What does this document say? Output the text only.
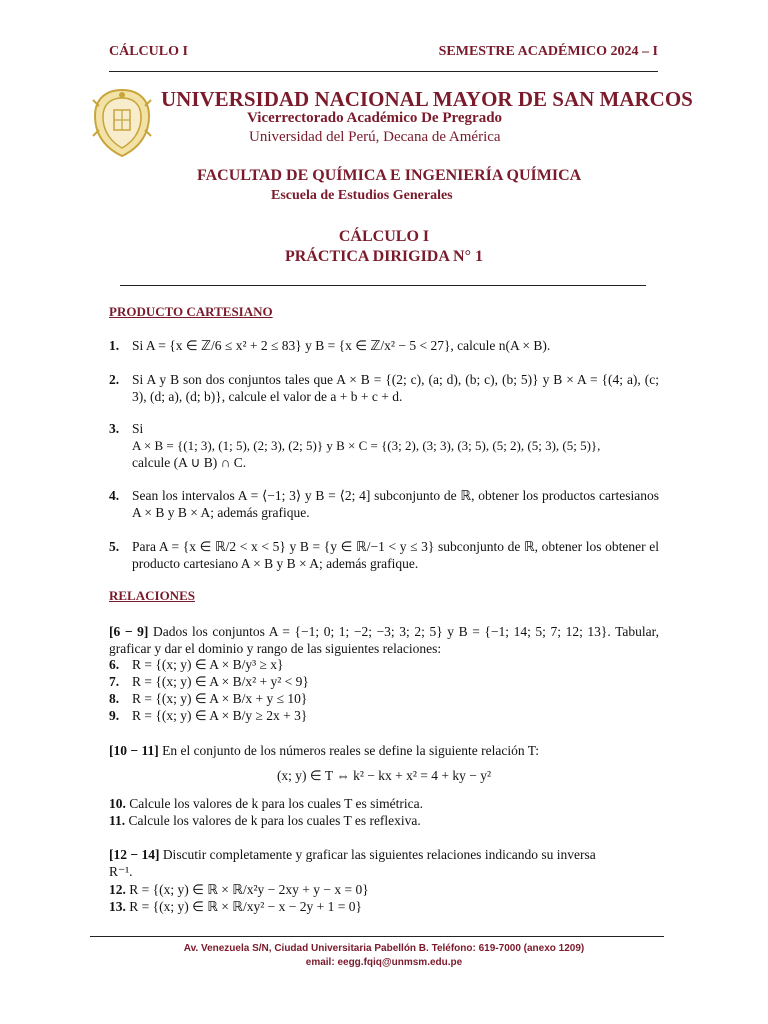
CÁLCULO I	SEMESTRE ACADÉMICO 2024 – I
UNIVERSIDAD NACIONAL MAYOR DE SAN MARCOS
Vicerrectorado Académico De Pregrado
Universidad del Perú, Decana de América
FACULTAD DE QUÍMICA E INGENIERÍA QUÍMICA
Escuela de Estudios Generales
CÁLCULO I
PRÁCTICA DIRIGIDA N° 1
PRODUCTO CARTESIANO
1. Si A = {x ∈ ℤ/6 ≤ x² + 2 ≤ 83} y B = {x ∈ ℤ/x² − 5 < 27}, calcule n(A × B).
2. Si A y B son dos conjuntos tales que A × B = {(2; c), (a; d), (b; c), (b; 5)} y B × A = {(4; a), (c; 3), (d; a), (d; b)}, calcule el valor de a + b + c + d.
3. Si
A × B = {(1; 3), (1; 5), (2; 3), (2; 5)} y B × C = {(3; 2), (3; 3), (3; 5), (5; 2), (5; 3), (5; 5)},
calcule (A ∪ B) ∩ C.
4. Sean los intervalos A = ⟨−1; 3⟩ y B = ⟨2; 4] subconjunto de ℝ, obtener los productos cartesianos A × B y B × A; además grafique.
5. Para A = {x ∈ ℝ/2 < x < 5} y B = {y ∈ ℝ/−1 < y ≤ 3} subconjunto de ℝ, obtener los obtener el producto cartesiano A × B y B × A; además grafique.
RELACIONES
[6 − 9] Dados los conjuntos A = {−1; 0; 1; −2; −3; 3; 2; 5} y B = {−1; 14; 5; 7; 12; 13}. Tabular, graficar y dar el dominio y rango de las siguientes relaciones:
6. R = {(x; y) ∈ A × B/y³ ≥ x}
7. R = {(x; y) ∈ A × B/x² + y² < 9}
8. R = {(x; y) ∈ A × B/x + y ≤ 10}
9. R = {(x; y) ∈ A × B/y ≥ 2x + 3}
[10 − 11] En el conjunto de los números reales se define la siguiente relación T:
(x; y) ∈ T ⇔ k² − kx + x² = 4 + ky − y²
10. Calcule los valores de k para los cuales T es simétrica.
11. Calcule los valores de k para los cuales T es reflexiva.
[12 − 14] Discutir completamente y graficar las siguientes relaciones indicando su inversa
R⁻¹.
12. R = {(x; y) ∈ ℝ × ℝ/x²y − 2xy + y − x = 0}
13. R = {(x; y) ∈ ℝ × ℝ/xy² − x − 2y + 1 = 0}
Av. Venezuela S/N, Ciudad Universitaria Pabellón B. Teléfono: 619-7000 (anexo 1209)
email: eegg.fqiq@unmsm.edu.pe
